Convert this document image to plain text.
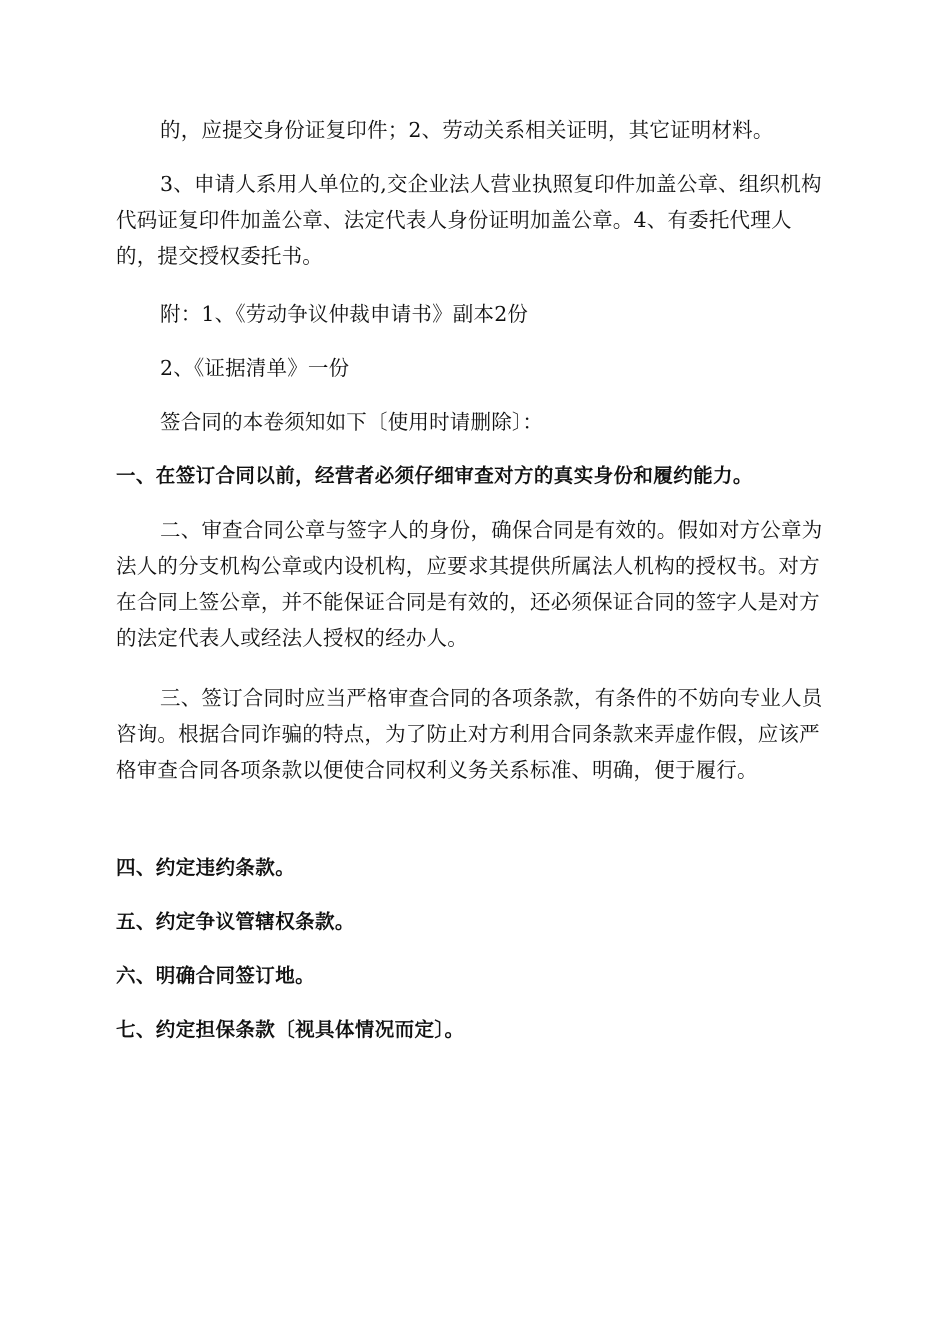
的，应提交身份证复印件；2、劳动关系相关证明，其它证明材料。

3、申请人系用人单位的,交企业法人营业执照复印件加盖公章、组织机构代码证复印件加盖公章、法定代表人身份证明加盖公章。4、有委托代理人的，提交授权委托书。

附：1、《劳动争议仲裁申请书》副本2份

2、《证据清单》一份

签合同的本卷须知如下〔使用时请删除〕：

一、在签订合同以前，经营者必须仔细审查对方的真实身份和履约能力。

二、审查合同公章与签字人的身份，确保合同是有效的。假如对方公章为法人的分支机构公章或内设机构，应要求其提供所属法人机构的授权书。对方在合同上签公章，并不能保证合同是有效的，还必须保证合同的签字人是对方的法定代表人或经法人授权的经办人。

三、签订合同时应当严格审查合同的各项条款，有条件的不妨向专业人员咨询。根据合同诈骗的特点，为了防止对方利用合同条款来弄虚作假，应该严格审查合同各项条款以便使合同权利义务关系标准、明确，便于履行。

四、约定违约条款。

五、约定争议管辖权条款。

六、明确合同签订地。

七、约定担保条款〔视具体情况而定〕。
